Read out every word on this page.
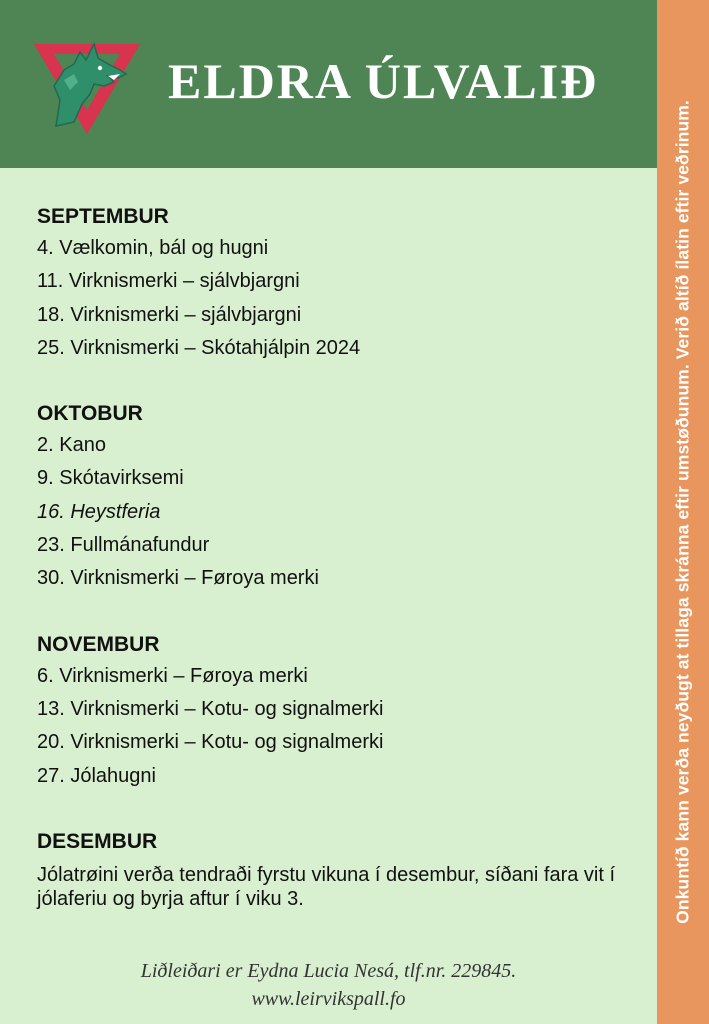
ELDRA ÚLVALIÐ
Onkuntíð kann verða neyðugt at tillaga skránna eftir umstøðunum. Verið altíð ílatin eftir veðrinum.
SEPTEMBUR
4. Vælkomin, bál og hugni
11. Virknismerki – sjálvbjargni
18. Virknismerki – sjálvbjargni
25. Virknismerki – Skótahjálpin 2024
OKTOBUR
2. Kano
9. Skótavirksemi
16. Heystferia
23. Fullmánafundur
30. Virknismerki – Føroya merki
NOVEMBUR
6. Virknismerki – Føroya merki
13. Virknismerki – Kotu- og signalmerki
20. Virknismerki – Kotu- og signalmerki
27. Jólahugni
DESEMBUR

Jólatrøini verða tendraði fyrstu vikuna í desembur, síðani fara vit í jólaferiu og byrja aftur í viku 3.

Liðleiðari er Eydna Lucia Nesá, tlf.nr. 229845.
www.leirvikspall.fo
